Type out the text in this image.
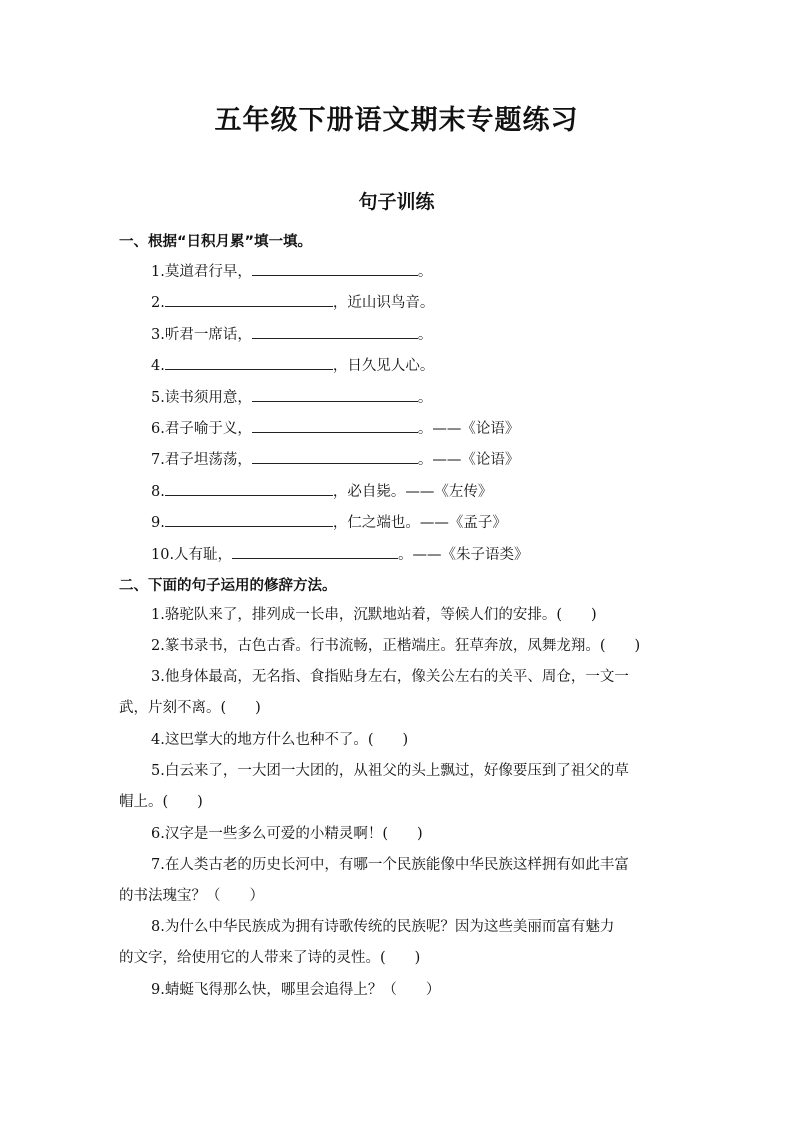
五年级下册语文期末专题练习
句子训练
一、根据“日积月累”填一填。
1.莫道君行早，	。
2.	，近山识鸟音。
3.听君一席话，	。
4.	，日久见人心。
5.读书须用意，	。
6.君子喻于义，	。——《论语》
7.君子坦荡荡，	。——《论语》
8.	，必自毙。——《左传》
9.	，仁之端也。——《孟子》
10.人有耻，	。——《朱子语类》
二、下面的句子运用的修辞方法。
1.骆驼队来了，排列成一长串，沉默地站着，等候人们的安排。(　　)
2.篆书录书，古色古香。行书流畅，正楷端庄。狂草奔放，凤舞龙翔。(　　)
3.他身体最高，无名指、食指贴身左右，像关公左右的关平、周仓，一文一
武，片刻不离。(　　)
4.这巴掌大的地方什么也种不了。(　　)
5.白云来了，一大团一大团的，从祖父的头上飘过，好像要压到了祖父的草
帽上。(　　)
6.汉字是一些多么可爱的小精灵啊！(　　)
7.在人类古老的历史长河中，有哪一个民族能像中华民族这样拥有如此丰富
的书法瑰宝？（　　）
8.为什么中华民族成为拥有诗歌传统的民族呢？因为这些美丽而富有魅力
的文字，给使用它的人带来了诗的灵性。(　　)
9.蜻蜓飞得那么快，哪里会追得上？（　　）
